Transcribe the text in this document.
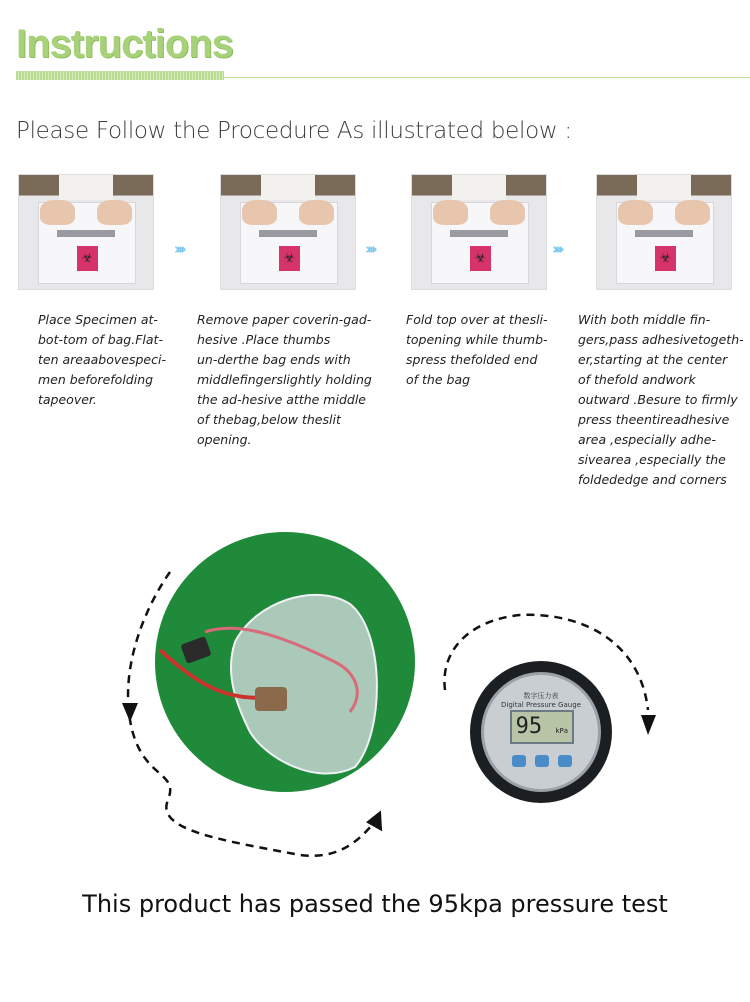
Instructions
Please Follow the Procedure As illustrated below :
☣	☣	☣	☣
››››	››››	››››
Place Specimen at-
bot-tom of bag.Flat-
ten areaabovespeci-
men beforefolding
tapeover.
Remove paper coverin-gad-
hesive .Place thumbs
un-derthe bag ends with
middlefingerslightly holding
the ad-hesive atthe middle
of thebag,below theslit
opening.
Fold top over at thesli-
topening while thumb-
spress thefolded end
of the bag
With both middle fin-
gers,pass adhesivetogeth-
er,starting at the center
of thefold andwork
outward .Besure to firmly
press theentireadhesive
area ,especially adhe-
sivearea ,especially the
foldededge and corners
数字压力表
Digital Pressure Gauge
95 kPa
This product has passed the 95kpa pressure test
